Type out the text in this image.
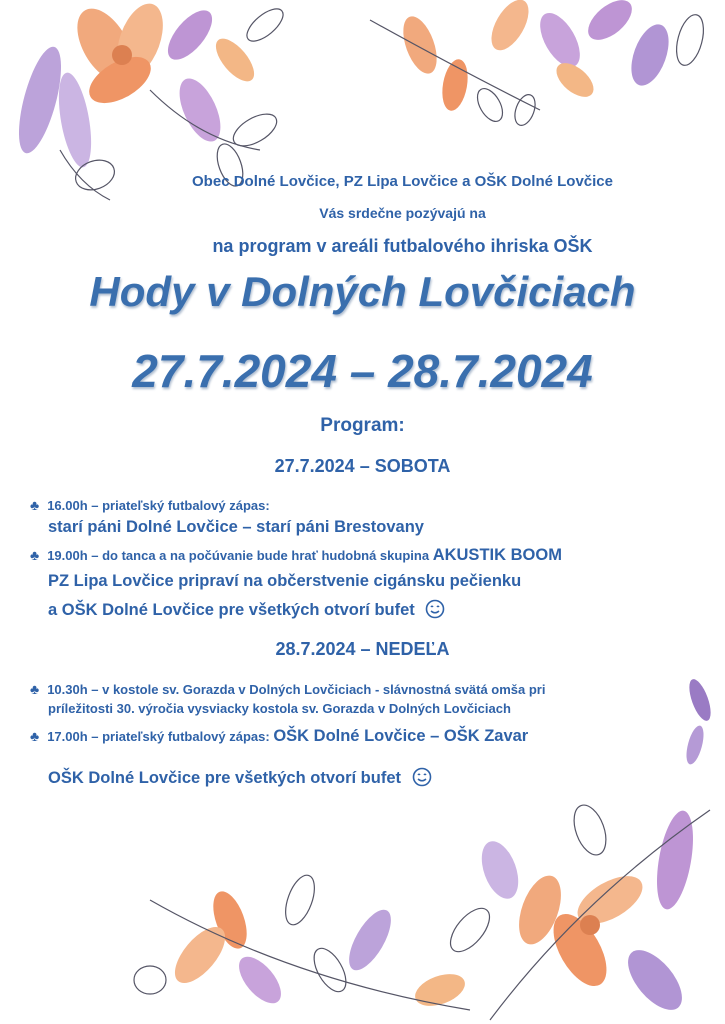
Obec Dolné Lovčice, PZ Lipa Lovčice a OŠK Dolné Lovčice
Vás srdečne pozývajú na
na program v areáli futbalového ihriska OŠK
Hody v Dolných Lovčiciach
27.7.2024 – 28.7.2024
Program:
27.7.2024 – SOBOTA
♣ 16.00h – priateľský futbalový zápas:
starí páni Dolné Lovčice – starí páni Brestovany
♣ 19.00h – do tanca a na počúvanie bude hrať hudobná skupina AKUSTIK BOOM
PZ Lipa Lovčice pripraví na občerstvenie cigánsku pečienku
a OŠK Dolné Lovčice pre všetkých otvorí bufet
28.7.2024 – NEDEĽA
♣ 10.30h – v kostole sv. Gorazda v Dolných Lovčiciach - slávnostná svätá omša pri
príležitosti 30. výročia vysviacky kostola sv. Gorazda v Dolných Lovčiciach
♣ 17.00h – priateľský futbalový zápas: OŠK Dolné Lovčice – OŠK Zavar
OŠK Dolné Lovčice pre všetkých otvorí bufet
